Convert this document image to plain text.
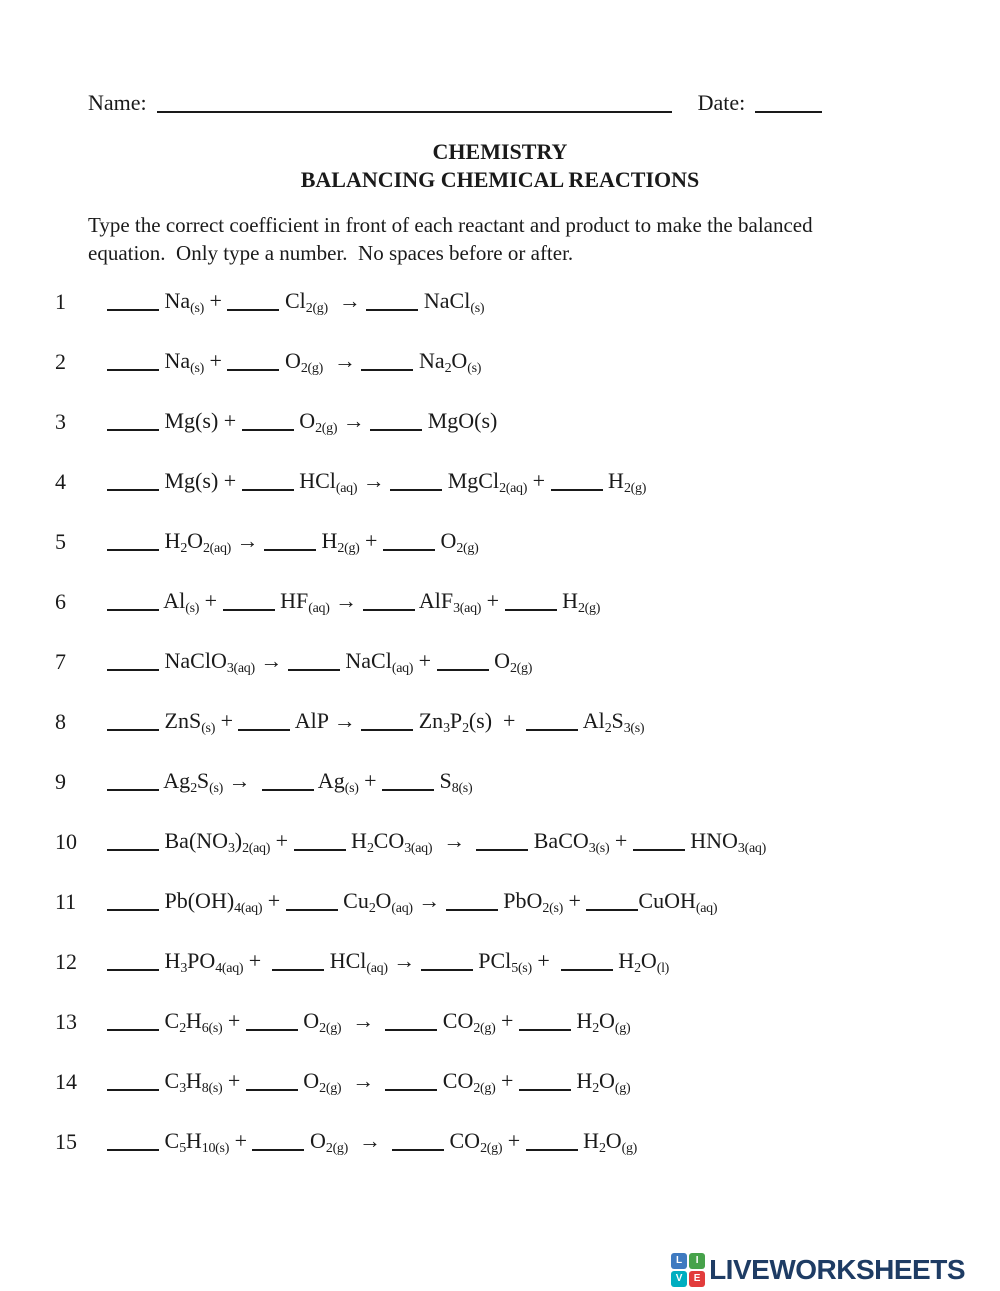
Name:	Date:
CHEMISTRY
BALANCING CHEMICAL REACTIONS
Type the correct coefficient in front of each reactant and product to make the balanced
equation.  Only type a number.  No spaces before or after.
1	$Na_{(s)} + Cl_{2(g)}$  →  NaCl$_{(s)}$
2	$Na_{(s)} + O_{2(g)} \to Na_2O_{(s)}$
3	$Mg(s) + O_{2(g)} \to MgO(s)$
4	Mg(s) +  HCl$_{(aq)}$ →  MgCl$_{2(aq)}$ +  $H_{2(g)}$
5	$H_2O_{2(aq)} \to H_{2(g)} + O_{2(g)}$
6	$Al_{(s)} + HF_{(aq)} \to AlF_{3(aq)} + H_{2(g)}$
7	NaClO$_{3(aq)}$ →  NaCl$_{(aq)}$ +  $O_{2(g)}$
8	ZnS$_{(s)}$ +  AlP →  $Zn_3P_2(s) + Al_2S_{3(s)}$
9	$Ag_2S_{(s)} \to Ag_{(s)} + S_{8(s)}$
10	$Ba(NO_3)_{2(aq)} + H_2CO_{3(aq)}$  →   BaCO$_{3(s)}$ +  $HNO_{3(aq)}$
11	$Pb(OH)_{4(aq)} + Cu_2O_{(aq)} \to PbO_{2(s)}$ + CuOH$_{(aq)}$
12	$H_3PO_{4(aq)} + HCl_{(aq)} \to PCl_{5(s)} + H_2O_{(l)}$
13	$C_2H_{6(s)} + O_{2(g)} \to CO_{2(g)} + H_2O_{(g)}$
14	$C_3H_{8(s)} + O_{2(g)} \to CO_{2(g)} + H_2O_{(g)}$
15	$C_5H_{10(s)} + O_{2(g)} \to CO_{2(g)} + H_2O_{(g)}$
L	I
V	E LIVEWORKSHEETS
